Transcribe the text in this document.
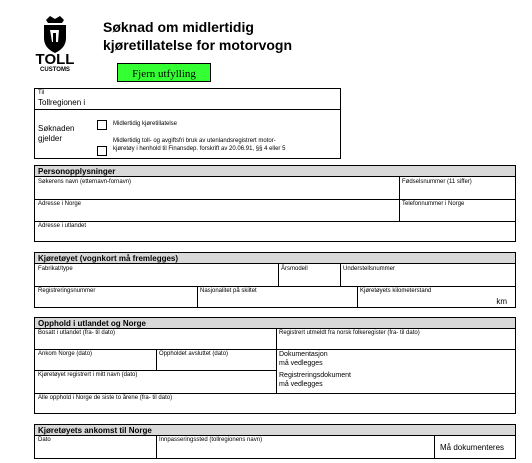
TOLL
CUSTOMS
Søknad om midlertidig
kjøretillatelse for motorvogn
Fjern utfylling
Til
Tollregionen i
Søknaden
gjelder
Midlertidig kjøretillatelse
Midlertidig toll- og avgiftsfri bruk av utenlandsregistrert motor-
kjøretøy i henhold til Finansdep. forskrift av 20.06.91, §§ 4 eller 5
Personopplysninger
Søkerens navn (etternavn-fornavn)	Fødselsnummer (11 siffer)
Adresse i Norge	Telefonnummer i Norge
Adresse i utlandet
Kjøretøyet (vognkort må fremlegges)
Fabrikat/type	Årsmodell	Understellsnummer
Registreringsnummer	Nasjonalitet på skiltet	Kjøretøyets kilometerstand
km
Opphold i utlandet og Norge
Bosatt i utlandet (fra- til dato)	Registrert utmeldt fra norsk folkeregister (fra- til dato)
Ankom Norge (dato)	Oppholdet avsluttet (dato)	Dokumentasjon
må vedlegges
Kjøretøyet registrert i mitt navn (dato)	Registreringsdokument
må vedlegges
Alle opphold i Norge de siste to årene (fra- til dato)
Kjøretøyets ankomst til Norge
Dato	Innpasseringssted (tollregionens navn)
Må dokumenteres
